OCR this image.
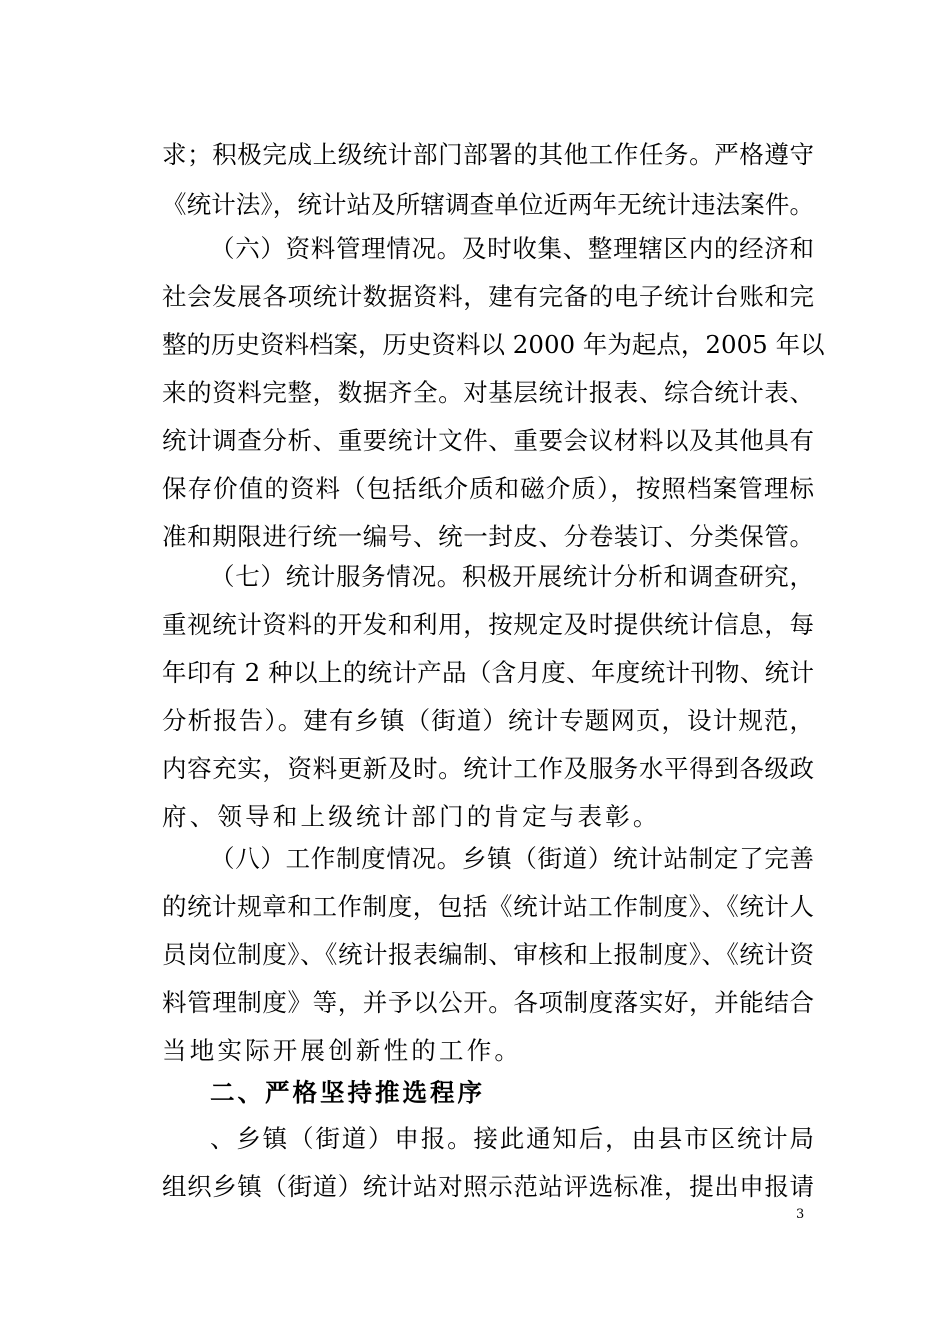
求；积极完成上级统计部门部署的其他工作任务。严格遵守
《统计法》，统计站及所辖调查单位近两年无统计违法案件。
（六）资料管理情况。及时收集、整理辖区内的经济和
社会发展各项统计数据资料，建有完备的电子统计台账和完
整的历史资料档案，历史资料以 2000 年为起点，2005 年以
来的资料完整，数据齐全。对基层统计报表、综合统计表、
统计调查分析、重要统计文件、重要会议材料以及其他具有
保存价值的资料（包括纸介质和磁介质），按照档案管理标
准和期限进行统一编号、统一封皮、分卷装订、分类保管。
（七）统计服务情况。积极开展统计分析和调查研究，
重视统计资料的开发和利用，按规定及时提供统计信息，每
年印有 2 种以上的统计产品（含月度、年度统计刊物、统计
分析报告）。建有乡镇（街道）统计专题网页，设计规范，
内容充实，资料更新及时。统计工作及服务水平得到各级政
府、领导和上级统计部门的肯定与表彰。
（八）工作制度情况。乡镇（街道）统计站制定了完善
的统计规章和工作制度，包括《统计站工作制度》、《统计人
员岗位制度》、《统计报表编制、审核和上报制度》、《统计资
料管理制度》等，并予以公开。各项制度落实好，并能结合
当地实际开展创新性的工作。
二、严格坚持推选程序
、乡镇（街道）申报。接此通知后，由县市区统计局
组织乡镇（街道）统计站对照示范站评选标准，提出申报请
3
